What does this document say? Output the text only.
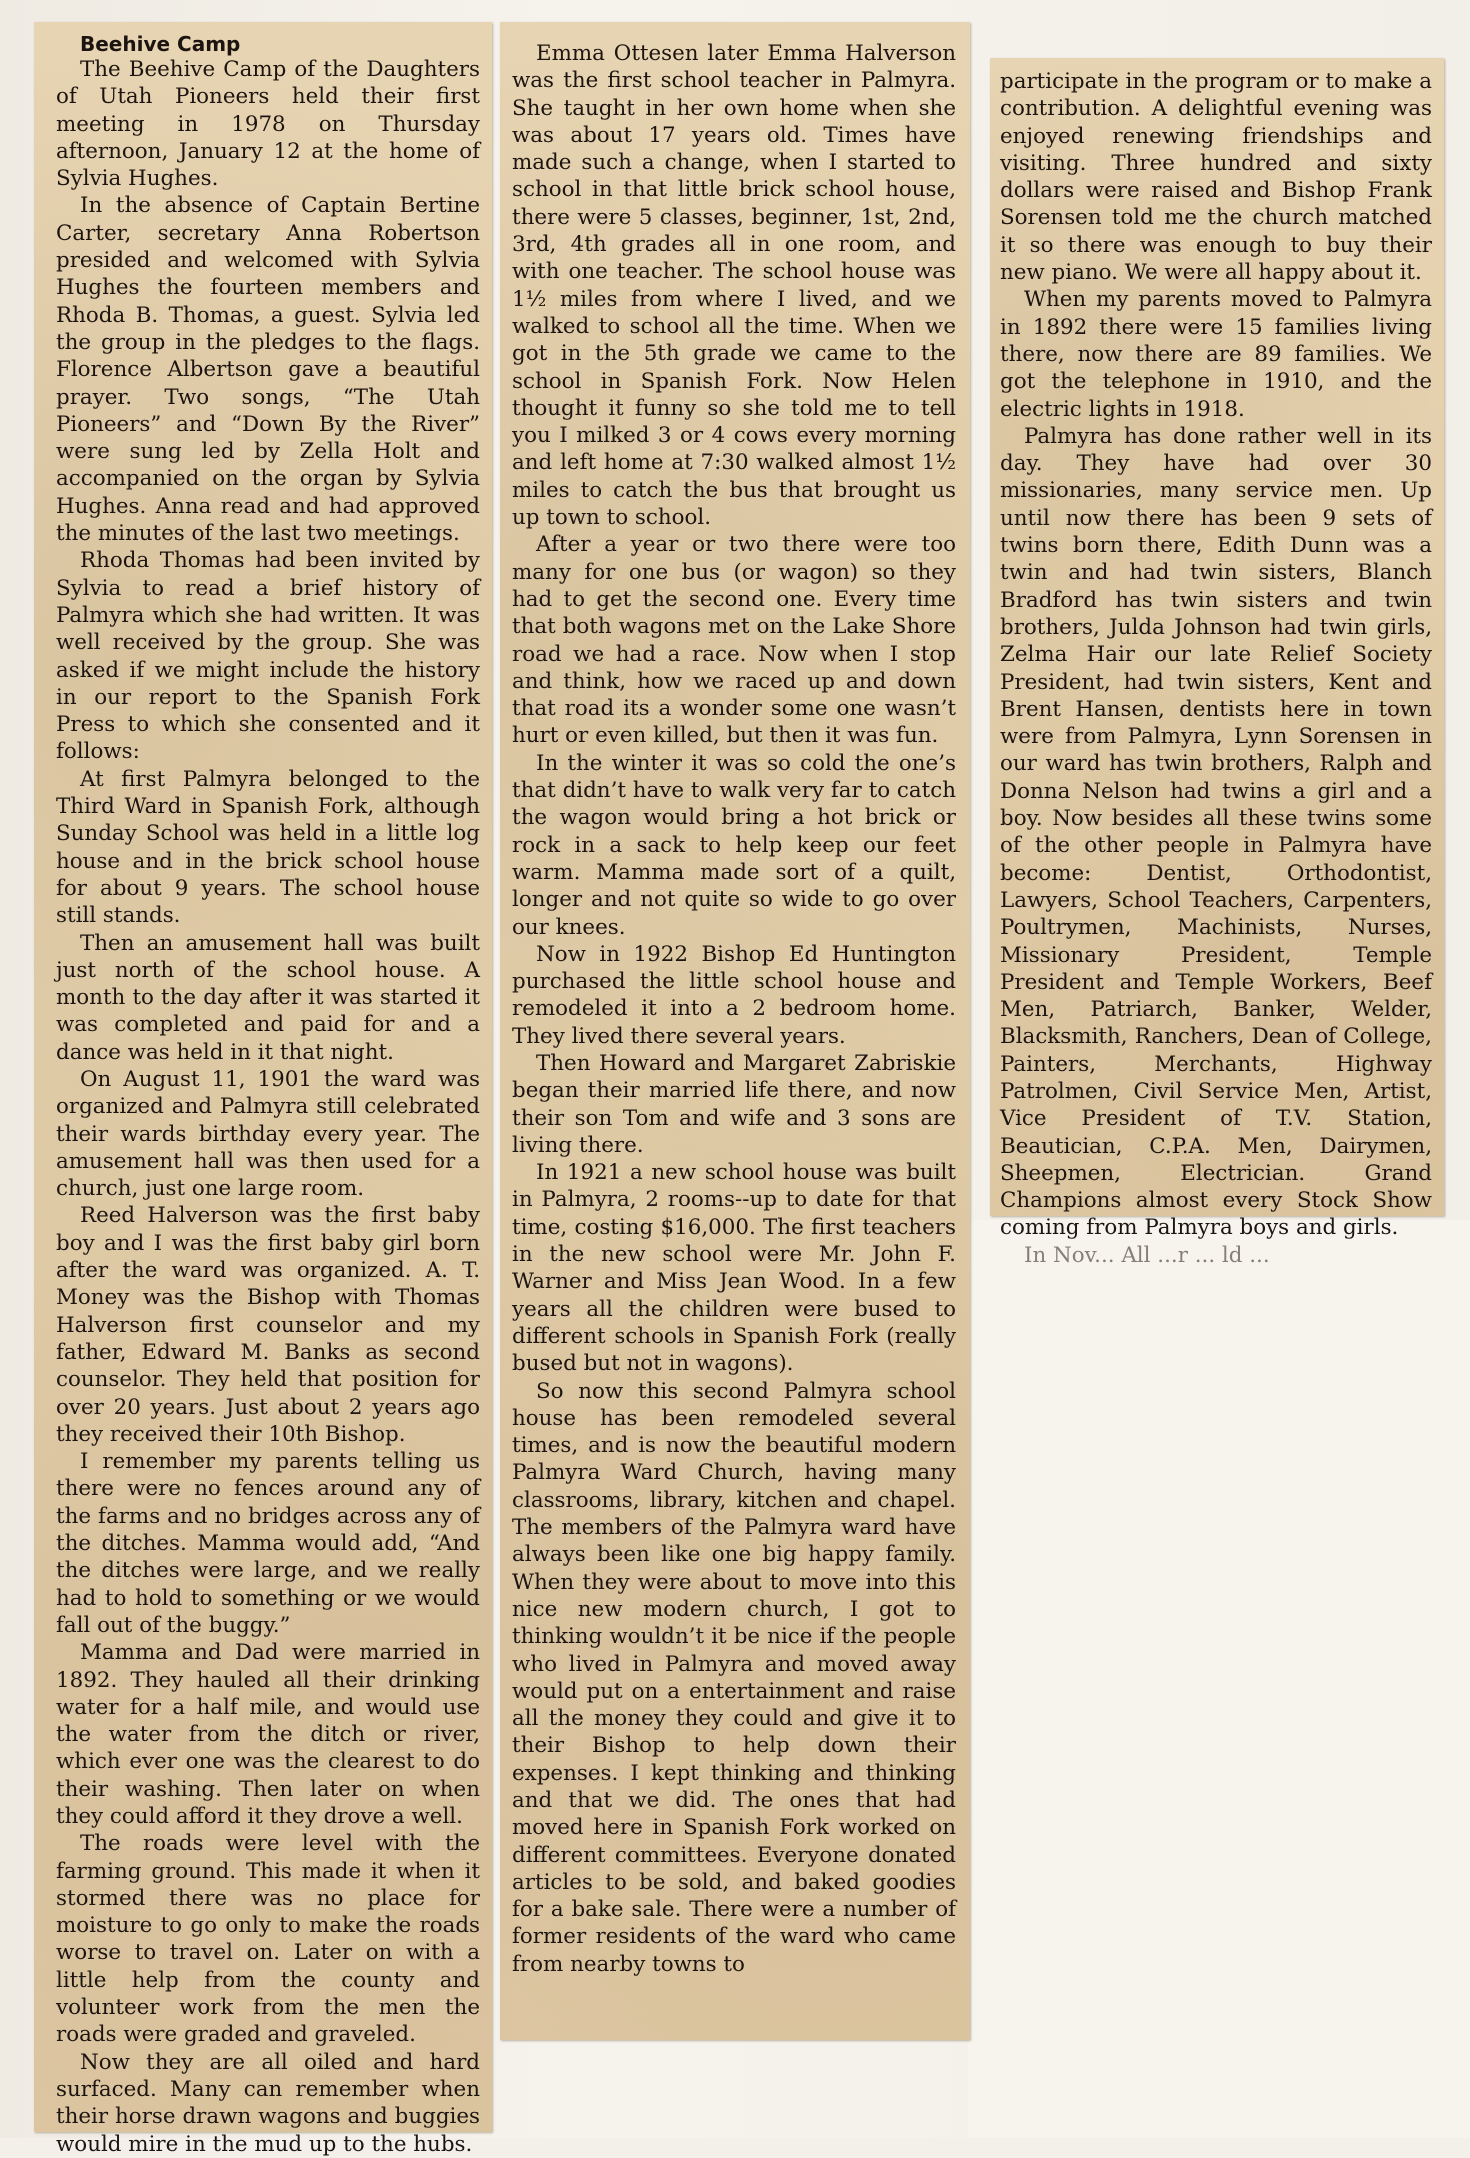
Beehive Camp

The Beehive Camp of the Daughters of Utah Pioneers held their first meeting in 1978 on Thursday afternoon, January 12 at the home of Sylvia Hughes.

In the absence of Captain Bertine Carter, secretary Anna Robertson presided and welcomed with Sylvia Hughes the fourteen members and Rhoda B. Thomas, a guest. Sylvia led the group in the pledges to the flags. Florence Albertson gave a beautiful prayer. Two songs, “The Utah Pioneers” and “Down By the River” were sung led by Zella Holt and accompanied on the organ by Sylvia Hughes. Anna read and had approved the minutes of the last two meetings.

Rhoda Thomas had been invited by Sylvia to read a brief history of Palmyra which she had written. It was well received by the group. She was asked if we might include the history in our report to the Spanish Fork Press to which she consented and it follows:

At first Palmyra belonged to the Third Ward in Spanish Fork, although Sunday School was held in a little log house and in the brick school house for about 9 years. The school house still stands.

Then an amusement hall was built just north of the school house. A month to the day after it was started it was completed and paid for and a dance was held in it that night.

On August 11, 1901 the ward was organized and Palmyra still celebrated their wards birthday every year. The amusement hall was then used for a church, just one large room.

Reed Halverson was the first baby boy and I was the first baby girl born after the ward was organized. A. T. Money was the Bishop with Thomas Halverson first counselor and my father, Edward M. Banks as second counselor. They held that position for over 20 years. Just about 2 years ago they received their 10th Bishop.

I remember my parents telling us there were no fences around any of the farms and no bridges across any of the ditches. Mamma would add, “And the ditches were large, and we really had to hold to something or we would fall out of the buggy.”

Mamma and Dad were married in 1892. They hauled all their drinking water for a half mile, and would use the water from the ditch or river, which ever one was the clearest to do their washing. Then later on when they could afford it they drove a well.

The roads were level with the farming ground. This made it when it stormed there was no place for moisture to go only to make the roads worse to travel on. Later on with a little help from the county and volunteer work from the men the roads were graded and graveled.

Now they are all oiled and hard surfaced. Many can remember when their horse drawn wagons and buggies would mire in the mud up to the hubs.

Emma Ottesen later Emma Halverson was the first school teacher in Palmyra. She taught in her own home when she was about 17 years old. Times have made such a change, when I started to school in that little brick school house, there were 5 classes, beginner, 1st, 2nd, 3rd, 4th grades all in one room, and with one teacher. The school house was 1½ miles from where I lived, and we walked to school all the time. When we got in the 5th grade we came to the school in Spanish Fork. Now Helen thought it funny so she told me to tell you I milked 3 or 4 cows every morning and left home at 7:30 walked almost 1½ miles to catch the bus that brought us up town to school.

After a year or two there were too many for one bus (or wagon) so they had to get the second one. Every time that both wagons met on the Lake Shore road we had a race. Now when I stop and think, how we raced up and down that road its a wonder some one wasn’t hurt or even killed, but then it was fun.

In the winter it was so cold the one’s that didn’t have to walk very far to catch the wagon would bring a hot brick or rock in a sack to help keep our feet warm. Mamma made sort of a quilt, longer and not quite so wide to go over our knees.

Now in 1922 Bishop Ed Huntington purchased the little school house and remodeled it into a 2 bedroom home. They lived there several years.

Then Howard and Margaret Zabriskie began their married life there, and now their son Tom and wife and 3 sons are living there.

In 1921 a new school house was built in Palmyra, 2 rooms--up to date for that time, costing $16,000. The first teachers in the new school were Mr. John F. Warner and Miss Jean Wood. In a few years all the children were bused to different schools in Spanish Fork (really bused but not in wagons).

So now this second Palmyra school house has been remodeled several times, and is now the beautiful modern Palmyra Ward Church, having many classrooms, library, kitchen and chapel. The members of the Palmyra ward have always been like one big happy family. When they were about to move into this nice new modern church, I got to thinking wouldn’t it be nice if the people who lived in Palmyra and moved away would put on a entertainment and raise all the money they could and give it to their Bishop to help down their expenses. I kept thinking and thinking and that we did. The ones that had moved here in Spanish Fork worked on different committees. Everyone donated articles to be sold, and baked goodies for a bake sale. There were a number of former residents of the ward who came from nearby towns to

participate in the program or to make a contribution. A delightful evening was enjoyed renewing friendships and visiting. Three hundred and sixty dollars were raised and Bishop Frank Sorensen told me the church matched it so there was enough to buy their new piano. We were all happy about it.

When my parents moved to Palmyra in 1892 there were 15 families living there, now there are 89 families. We got the telephone in 1910, and the electric lights in 1918.

Palmyra has done rather well in its day. They have had over 30 missionaries, many service men. Up until now there has been 9 sets of twins born there, Edith Dunn was a twin and had twin sisters, Blanch Bradford has twin sisters and twin brothers, Julda Johnson had twin girls, Zelma Hair our late Relief Society President, had twin sisters, Kent and Brent Hansen, dentists here in town were from Palmyra, Lynn Sorensen in our ward has twin brothers, Ralph and Donna Nelson had twins a girl and a boy. Now besides all these twins some of the other people in Palmyra have become: Dentist, Orthodontist, Lawyers, School Teachers, Carpenters, Poultrymen, Machinists, Nurses, Missionary President, Temple President and Temple Workers, Beef Men, Patriarch, Banker, Welder, Blacksmith, Ranchers, Dean of College, Painters, Merchants, Highway Patrolmen, Civil Service Men, Artist, Vice President of T.V. Station, Beautician, C.P.A. Men, Dairymen, Sheepmen, Electrician. Grand Champions almost every Stock Show coming from Palmyra boys and girls.
